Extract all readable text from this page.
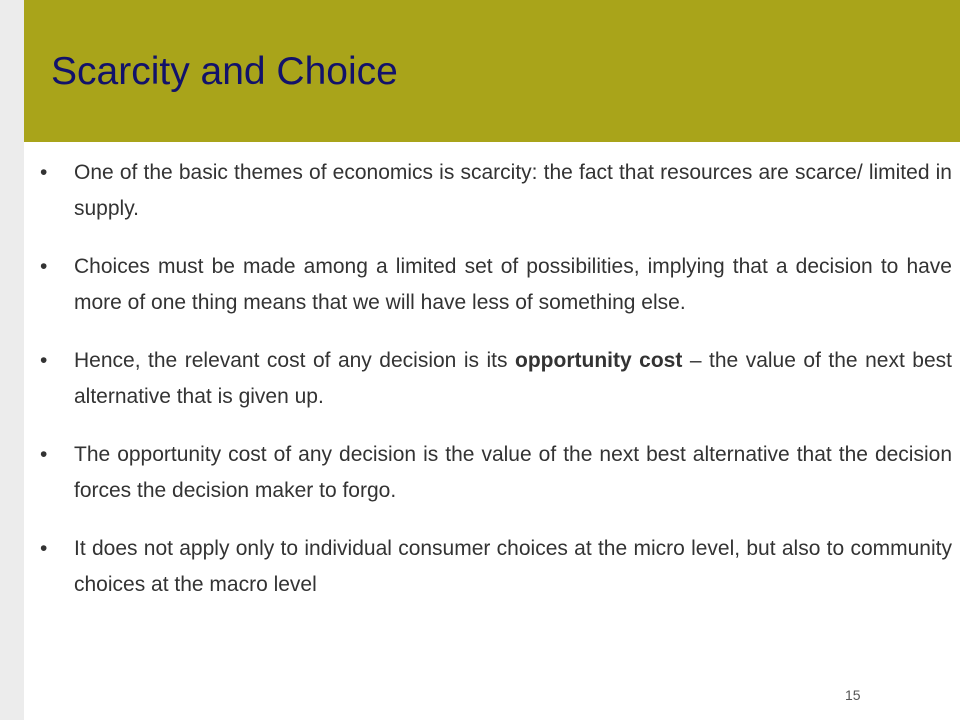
Scarcity and Choice
• One of the basic themes of economics is scarcity: the fact that resources are scarce/ limited in supply.
• Choices must be made among a limited set of possibilities, implying that a decision to have more of one thing means that we will have less of something else.
• Hence, the relevant cost of any decision is its opportunity cost – the value of the next best alternative that is given up.
• The opportunity cost of any decision is the value of the next best alternative that the decision forces the decision maker to forgo.
• It does not apply only to individual consumer choices at the micro level, but also to community choices at the macro level
15
